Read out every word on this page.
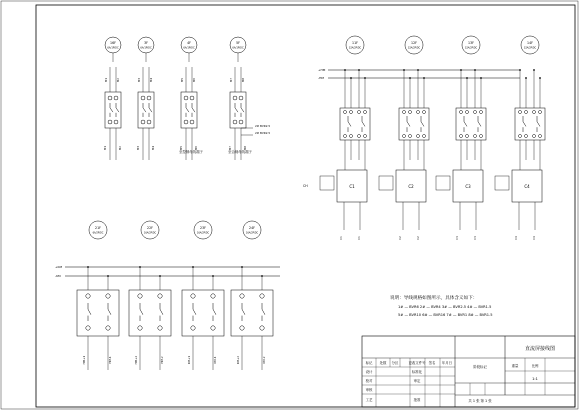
16F
6A/1P/DC
M1	M2
M1	M2
3F
6A/1P/DC
M3	M4
M3	M4
4F
6A/1P/DC
M5	M6
M5	M6
至控制母线端子
5F
6A/1P/DC
M7	M8
M7	M8
至合闸母线端子
2# BVR2.5
2# BVR2.5
+HM
-HM
11F
32A/2P/DC
C1
C1	C1
12F
32A/2P/DC
C2
C2	C2
13F
32A/2P/DC
C3
C3	C3
14F
32A/2P/DC
C4
C4	C4
CH
+KM
-KM
21F
6A/2P/DC
HM+1	HM-1
22F
16A/2P/DC
HM+2	HM-2
23F
16A/2P/DC
KM+1	KM-1
24F
16A/2P/DC
KM+2	KM-2
说明：导线规格如图所示，具体含义如下：
1# — BVR6 2# — BVR4 3# — BVR2.5 4# — BVR1.5
5# — BVR10 6# — BVR16 7# — BVR1 8# — BVR1.5
直流屏接线图
标记 处数 分区	更改文件号 签名 年月日
设计	标准化
校对	审定
审核
工艺	批准
阶段标记	重量	比例
1:1
共 1 张 第 1 张
